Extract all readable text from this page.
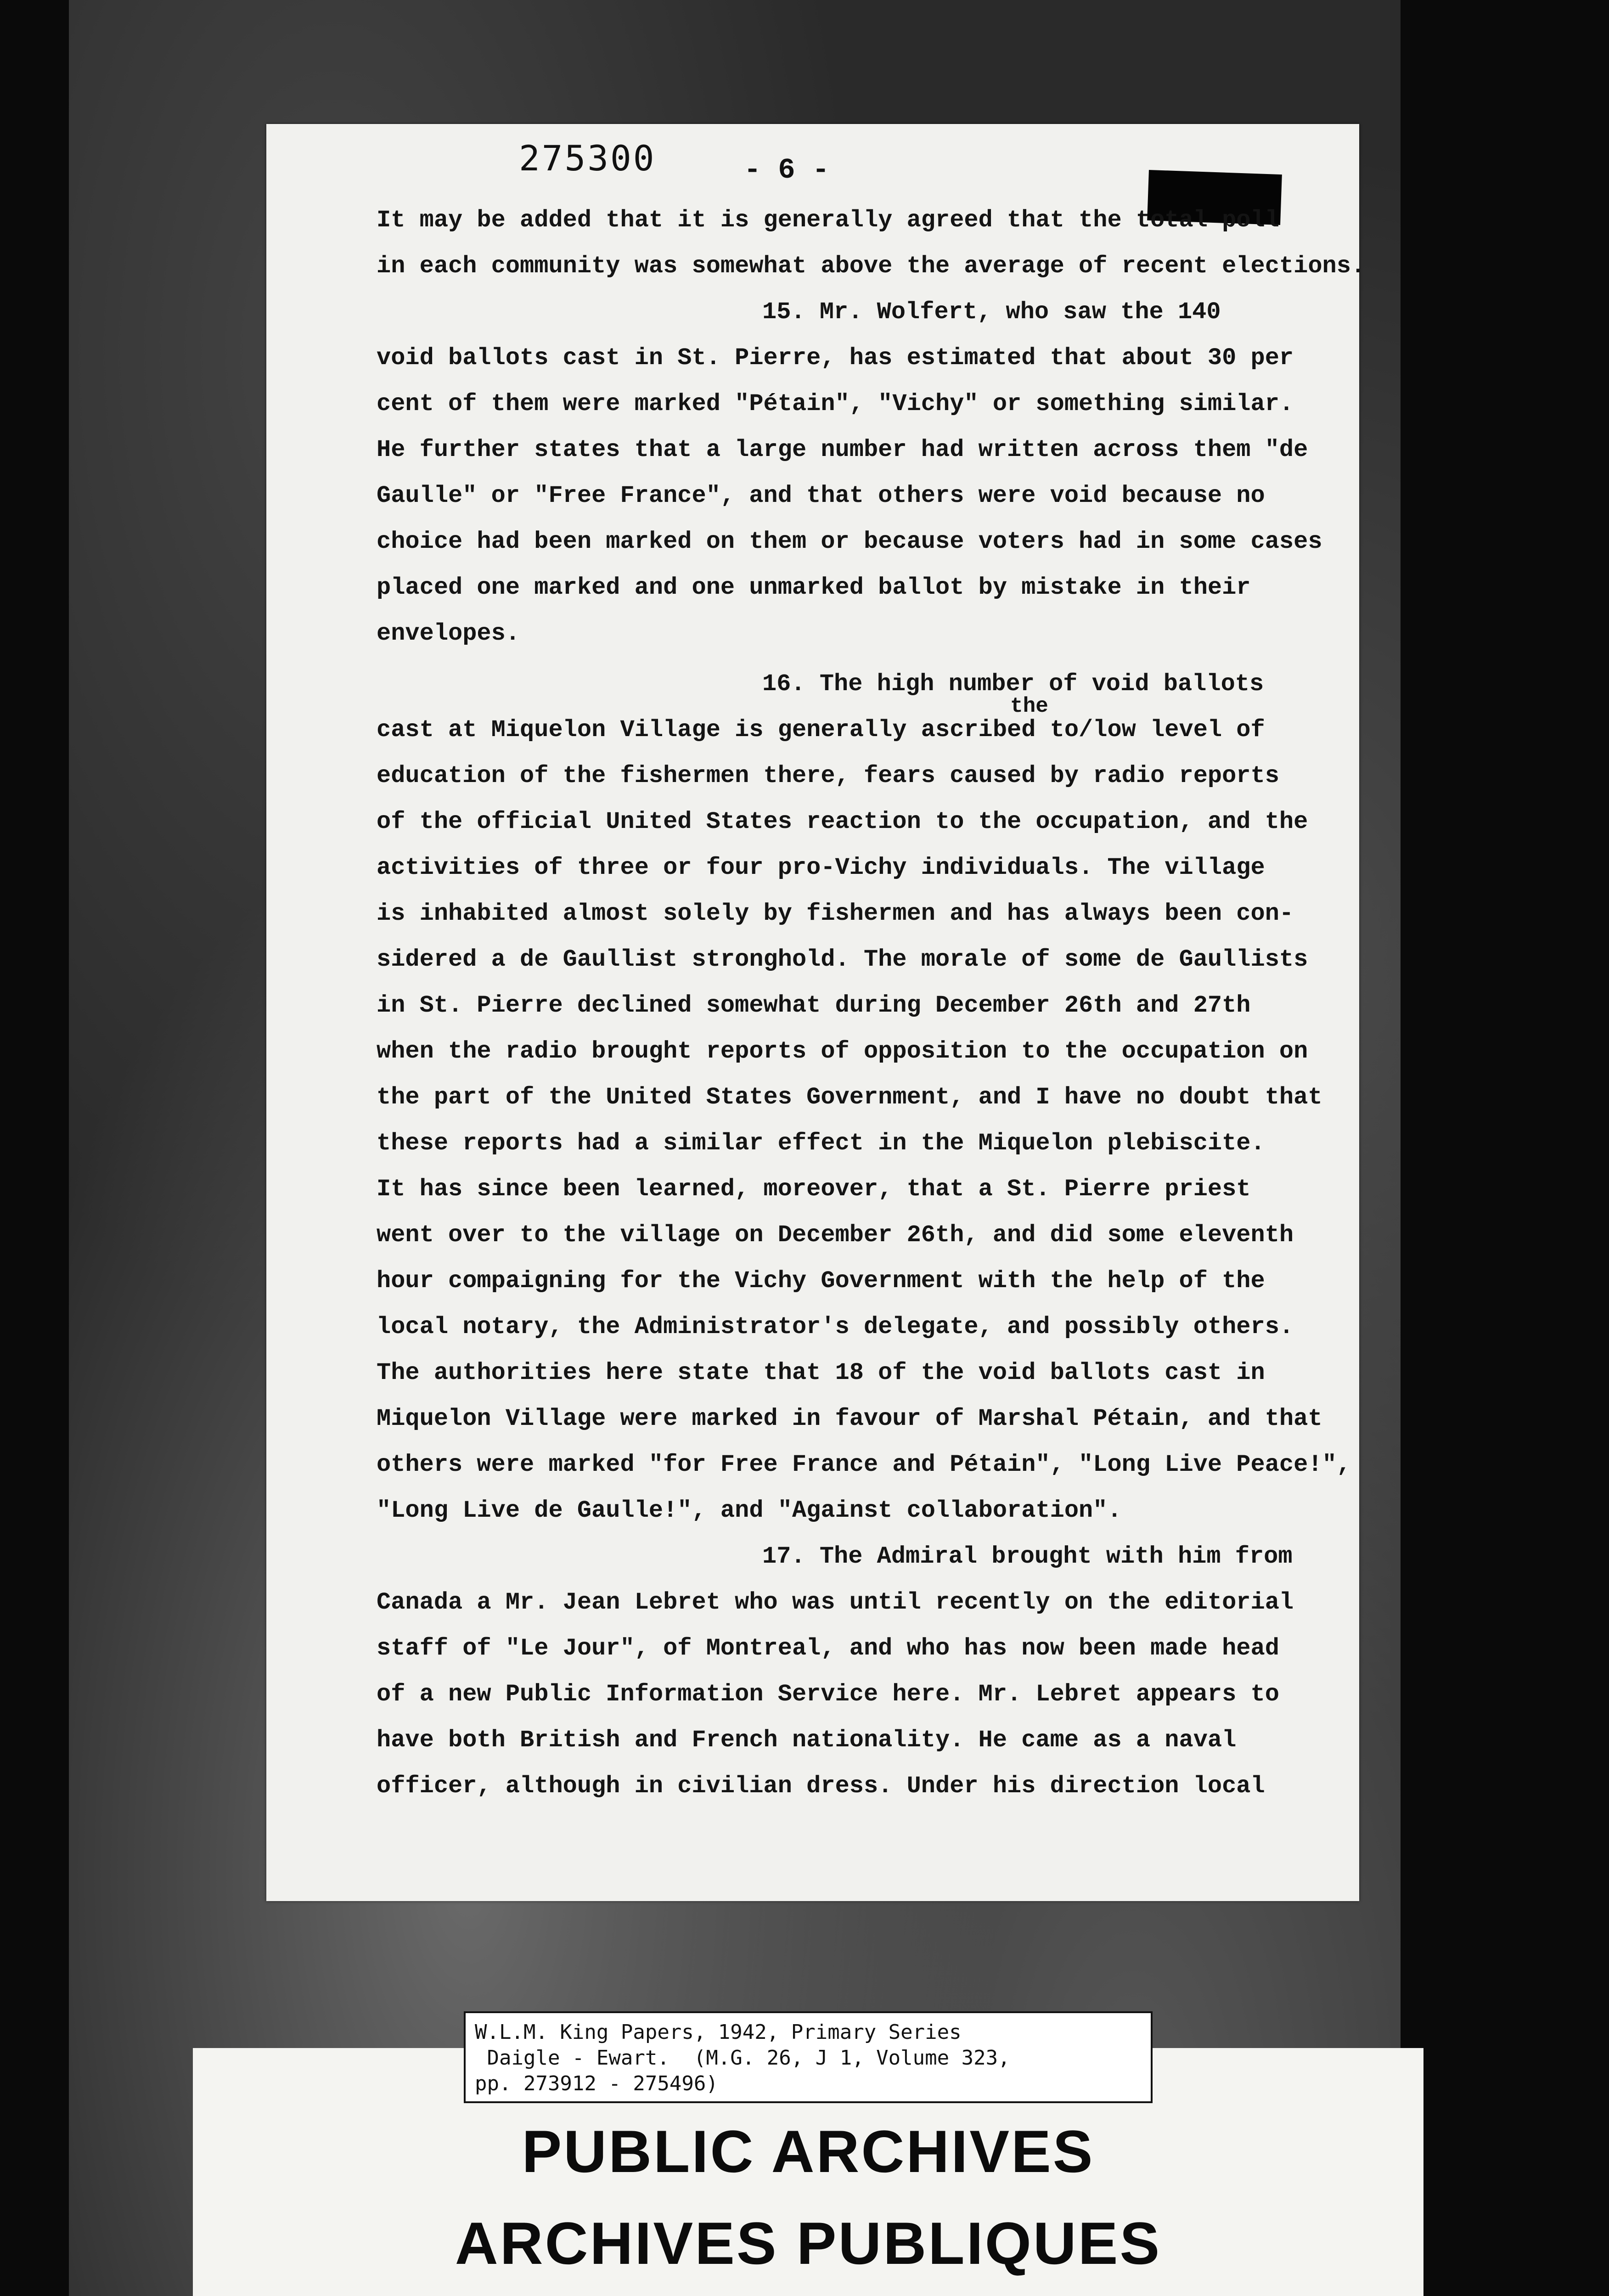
275300	- 6 -
It may be added that it is generally agreed that the total poll
in each community was somewhat above the average of recent elections.
15. Mr. Wolfert, who saw the 140
void ballots cast in St. Pierre, has estimated that about 30 per
cent of them were marked "Pétain", "Vichy" or something similar.
He further states that a large number had written across them "de
Gaulle" or "Free France", and that others were void because no
choice had been marked on them or because voters had in some cases
placed one marked and one unmarked ballot by mistake in their
envelopes.
16. The high number of void ballots
cast at Miquelon Village is generally ascribed to/low level of
education of the fishermen there, fears caused by radio reports
of the official United States reaction to the occupation, and the
activities of three or four pro-Vichy individuals. The village
is inhabited almost solely by fishermen and has always been con-
sidered a de Gaullist stronghold. The morale of some de Gaullists
in St. Pierre declined somewhat during December 26th and 27th
when the radio brought reports of opposition to the occupation on
the part of the United States Government, and I have no doubt that
these reports had a similar effect in the Miquelon plebiscite.
It has since been learned, moreover, that a St. Pierre priest
went over to the village on December 26th, and did some eleventh
hour compaigning for the Vichy Government with the help of the
local notary, the Administrator's delegate, and possibly others.
The authorities here state that 18 of the void ballots cast in
Miquelon Village were marked in favour of Marshal Pétain, and that
others were marked "for Free France and Pétain", "Long Live Peace!",
"Long Live de Gaulle!", and "Against collaboration".
17. The Admiral brought with him from
Canada a Mr. Jean Lebret who was until recently on the editorial
staff of "Le Jour", of Montreal, and who has now been made head
of a new Public Information Service here. Mr. Lebret appears to
have both British and French nationality. He came as a naval
officer, although in civilian dress. Under his direction local
the
W.L.M. King Papers, 1942, Primary Series
Daigle - Ewart.  (M.G. 26, J 1, Volume 323,
pp. 273912 - 275496)
PUBLIC ARCHIVES
ARCHIVES PUBLIQUES
